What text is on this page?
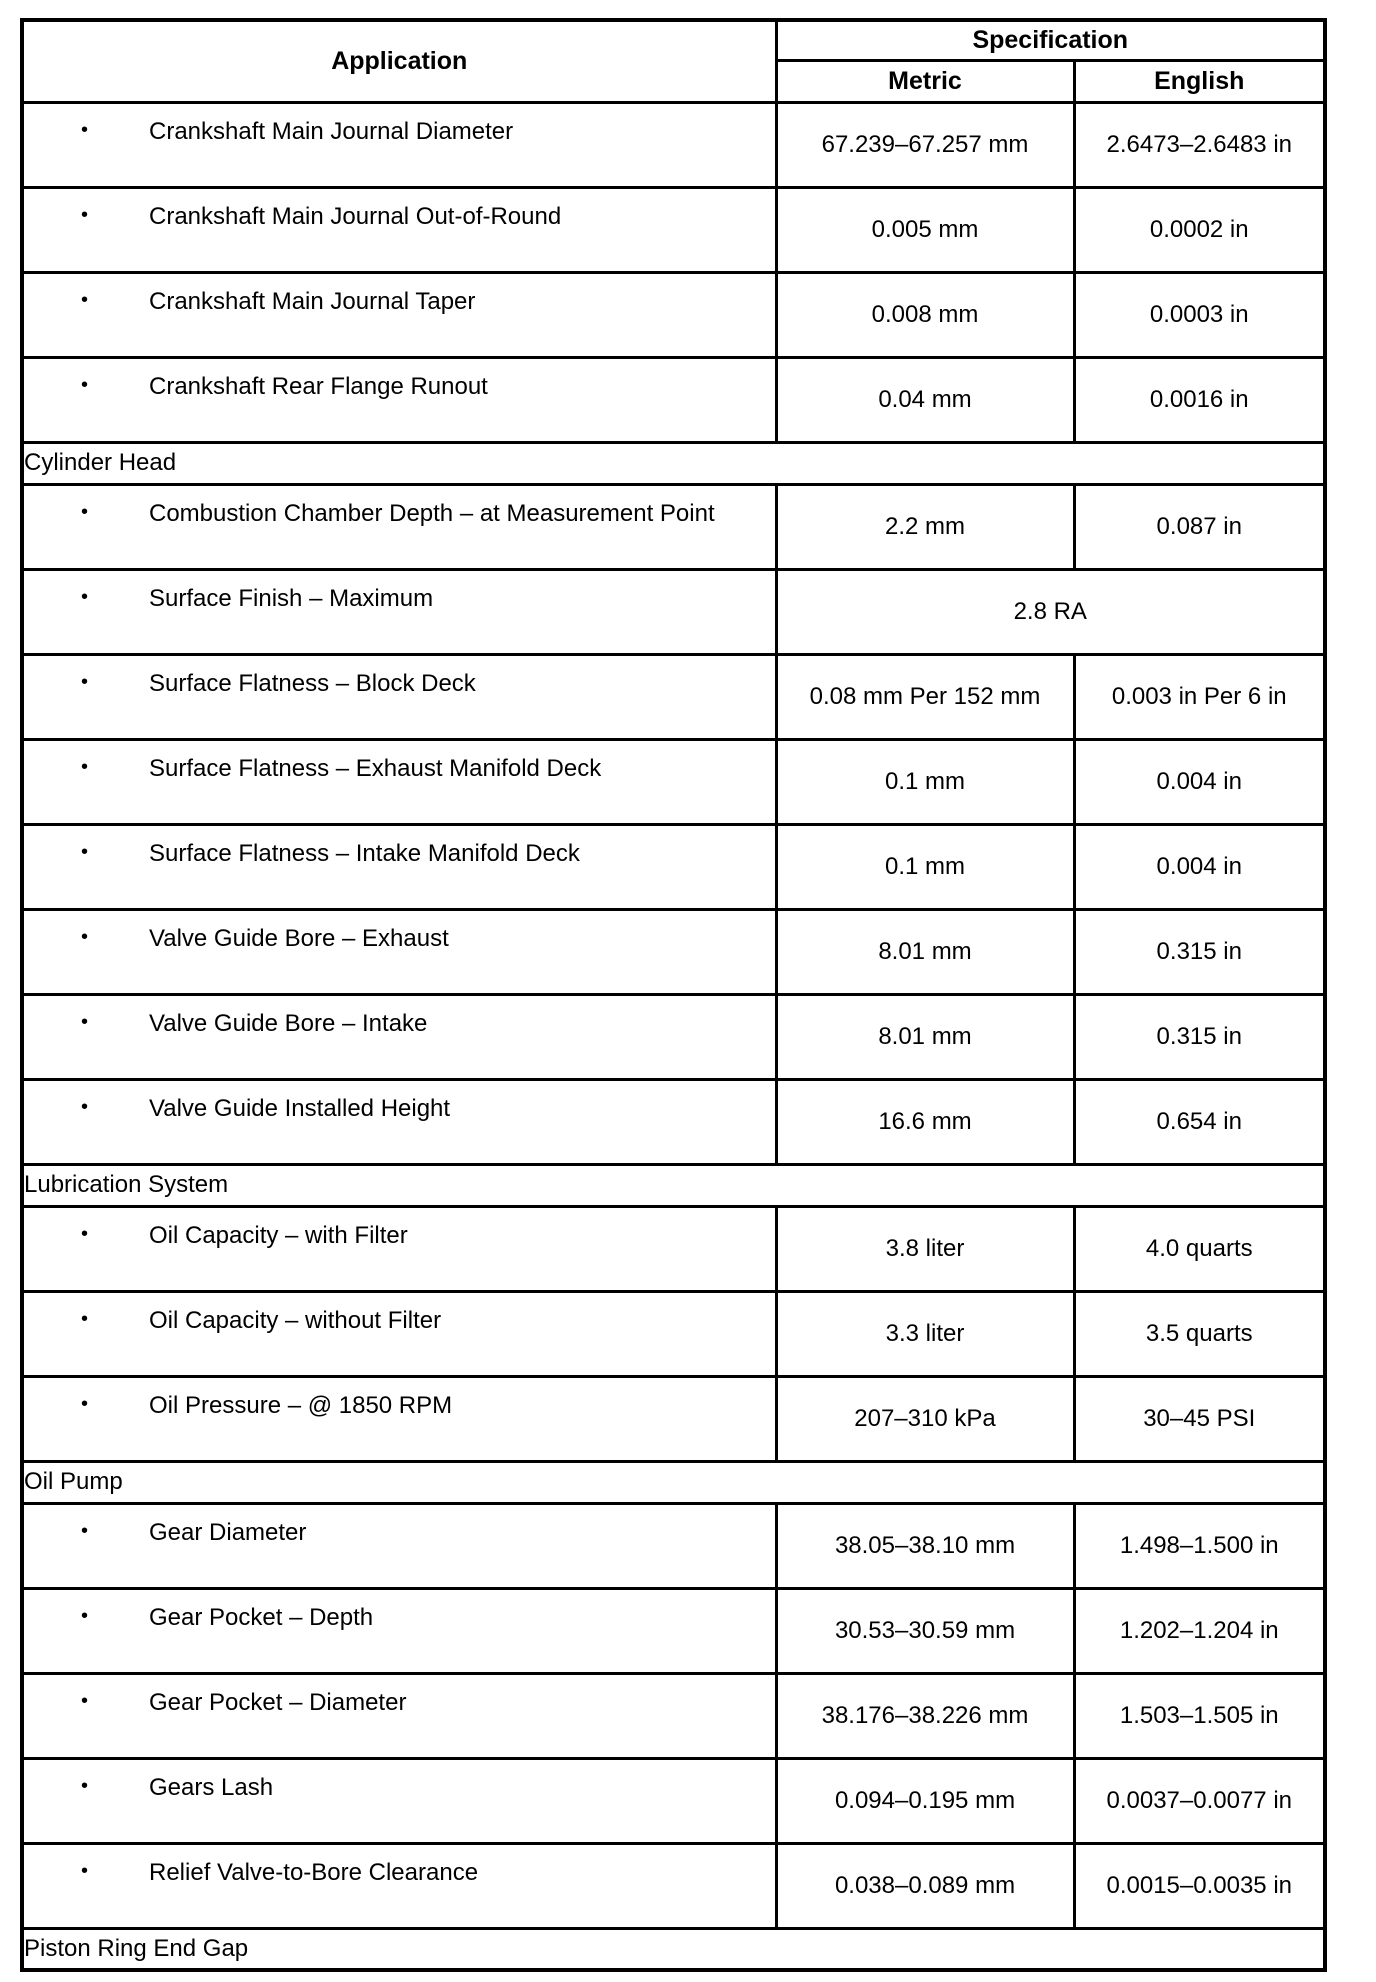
Application	Specification	
	Metric	English

• Crankshaft Main Journal Diameter	67.239–67.257 mm	2.6473–2.6483 in

• Crankshaft Main Journal Out-of-Round	0.005 mm	0.0002 in

• Crankshaft Main Journal Taper	0.008 mm	0.0003 in

• Crankshaft Rear Flange Runout	0.04 mm	0.0016 in
Cylinder Head		

• Combustion Chamber Depth – at Measurement Point	2.2 mm	0.087 in

• Surface Finish – Maximum	2.8 RA	

• Surface Flatness – Block Deck	0.08 mm Per 152 mm	0.003 in Per 6 in

• Surface Flatness – Exhaust Manifold Deck	0.1 mm	0.004 in

• Surface Flatness – Intake Manifold Deck	0.1 mm	0.004 in

• Valve Guide Bore – Exhaust	8.01 mm	0.315 in

• Valve Guide Bore – Intake	8.01 mm	0.315 in

• Valve Guide Installed Height	16.6 mm	0.654 in
Lubrication System		

• Oil Capacity – with Filter	3.8 liter	4.0 quarts

• Oil Capacity – without Filter	3.3 liter	3.5 quarts

• Oil Pressure – @ 1850 RPM	207–310 kPa	30–45 PSI
Oil Pump		

• Gear Diameter	38.05–38.10 mm	1.498–1.500 in

• Gear Pocket – Depth	30.53–30.59 mm	1.202–1.204 in

• Gear Pocket – Diameter	38.176–38.226 mm	1.503–1.505 in

• Gears Lash	0.094–0.195 mm	0.0037–0.0077 in

• Relief Valve-to-Bore Clearance	0.038–0.089 mm	0.0015–0.0035 in
Piston Ring End Gap		
